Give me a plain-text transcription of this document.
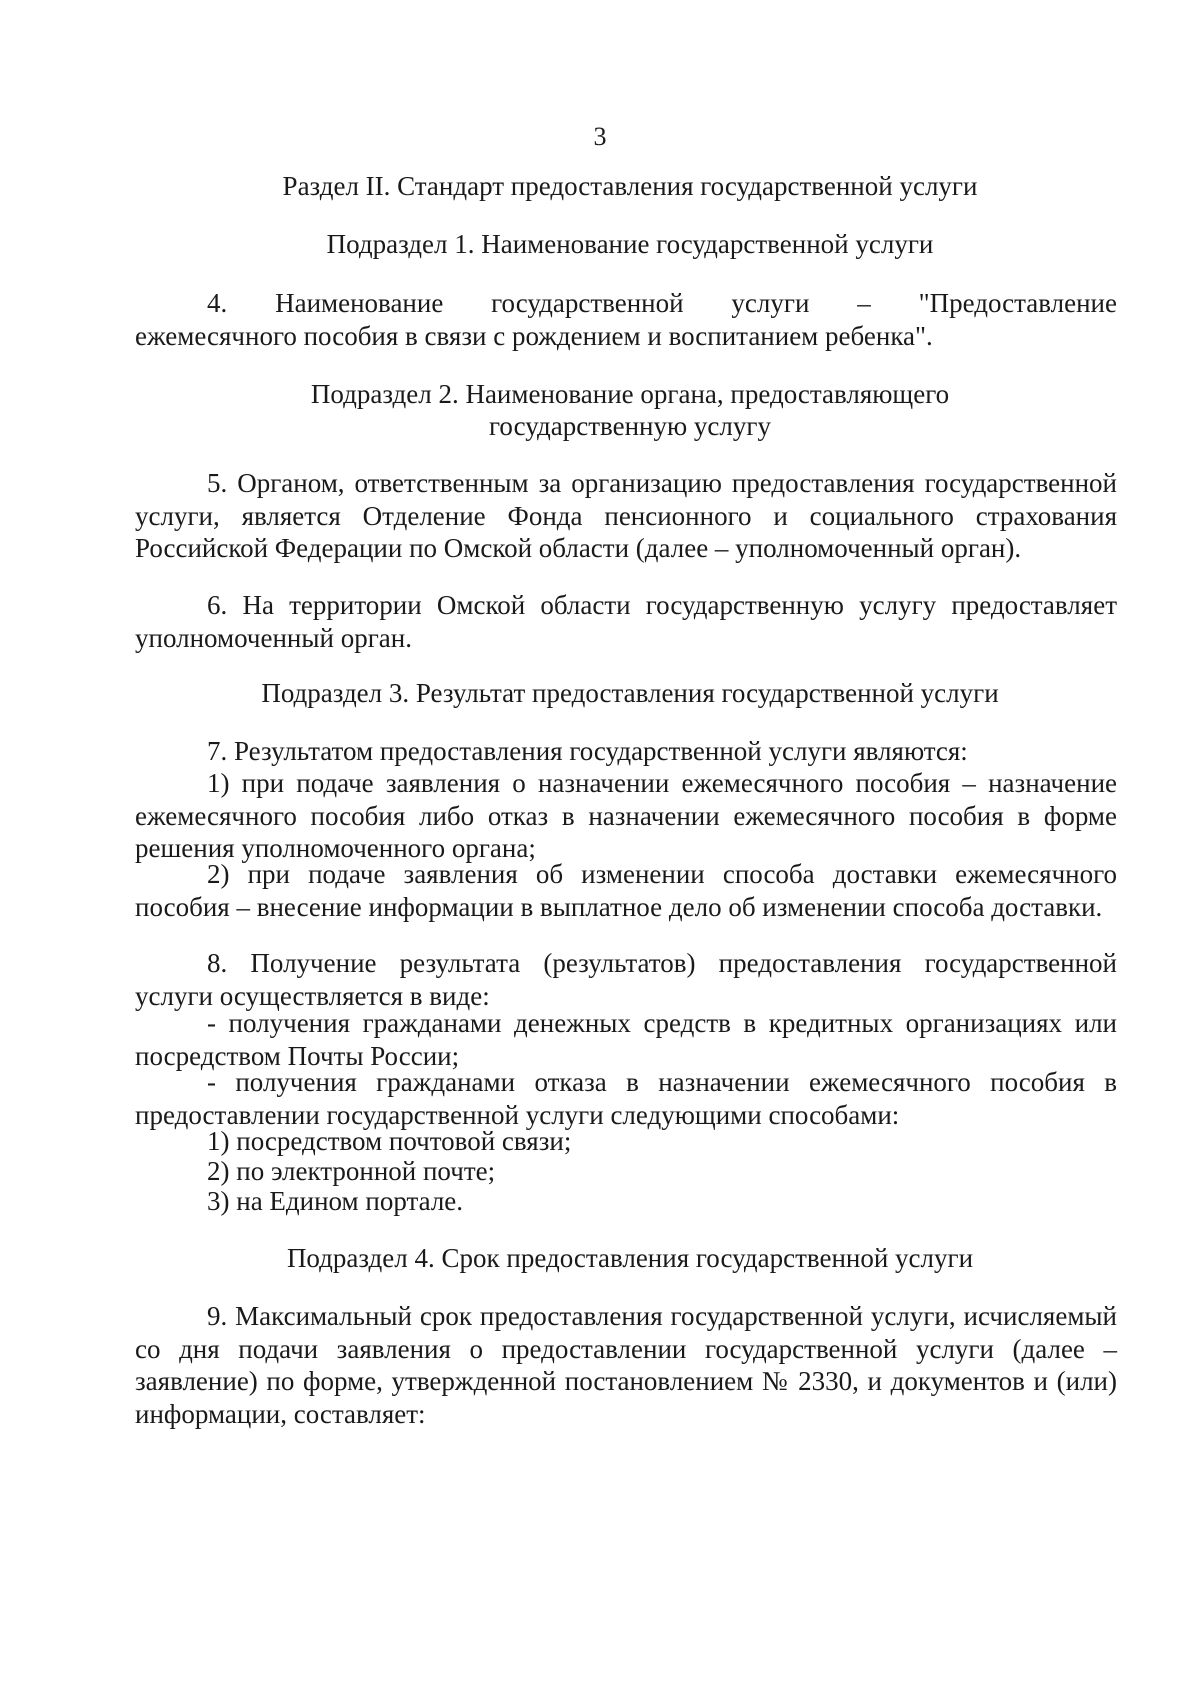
3
Раздел II. Стандарт предоставления государственной услуги
Подраздел 1. Наименование государственной услуги
4. Наименование государственной услуги – "Предоставление
ежемесячного пособия в связи с рождением и воспитанием ребенка".
Подраздел 2. Наименование органа, предоставляющего
государственную услугу
5. Органом, ответственным за организацию предоставления государственной услуги, является Отделение Фонда пенсионного и социального страхования Российской Федерации по Омской области (далее – уполномоченный орган).
6. На территории Омской области государственную услугу предоставляет уполномоченный орган.
Подраздел 3. Результат предоставления государственной услуги
7. Результатом предоставления государственной услуги являются:
1) при подаче заявления о назначении ежемесячного пособия – назначение ежемесячного пособия либо отказ в назначении ежемесячного пособия в форме решения уполномоченного органа;
2) при подаче заявления об изменении способа доставки ежемесячного пособия – внесение информации в выплатное дело об изменении способа доставки.
8. Получение результата (результатов) предоставления государственной услуги осуществляется в виде:
- получения гражданами денежных средств в кредитных организациях или посредством Почты России;
- получения гражданами отказа в назначении ежемесячного пособия в предоставлении государственной услуги следующими способами:
1) посредством почтовой связи;
2) по электронной почте;
3) на Едином портале.
Подраздел 4. Срок предоставления государственной услуги
9. Максимальный срок предоставления государственной услуги, исчисляемый со дня подачи заявления о предоставлении государственной услуги (далее – заявление) по форме, утвержденной постановлением № 2330, и документов и (или) информации, составляет:
